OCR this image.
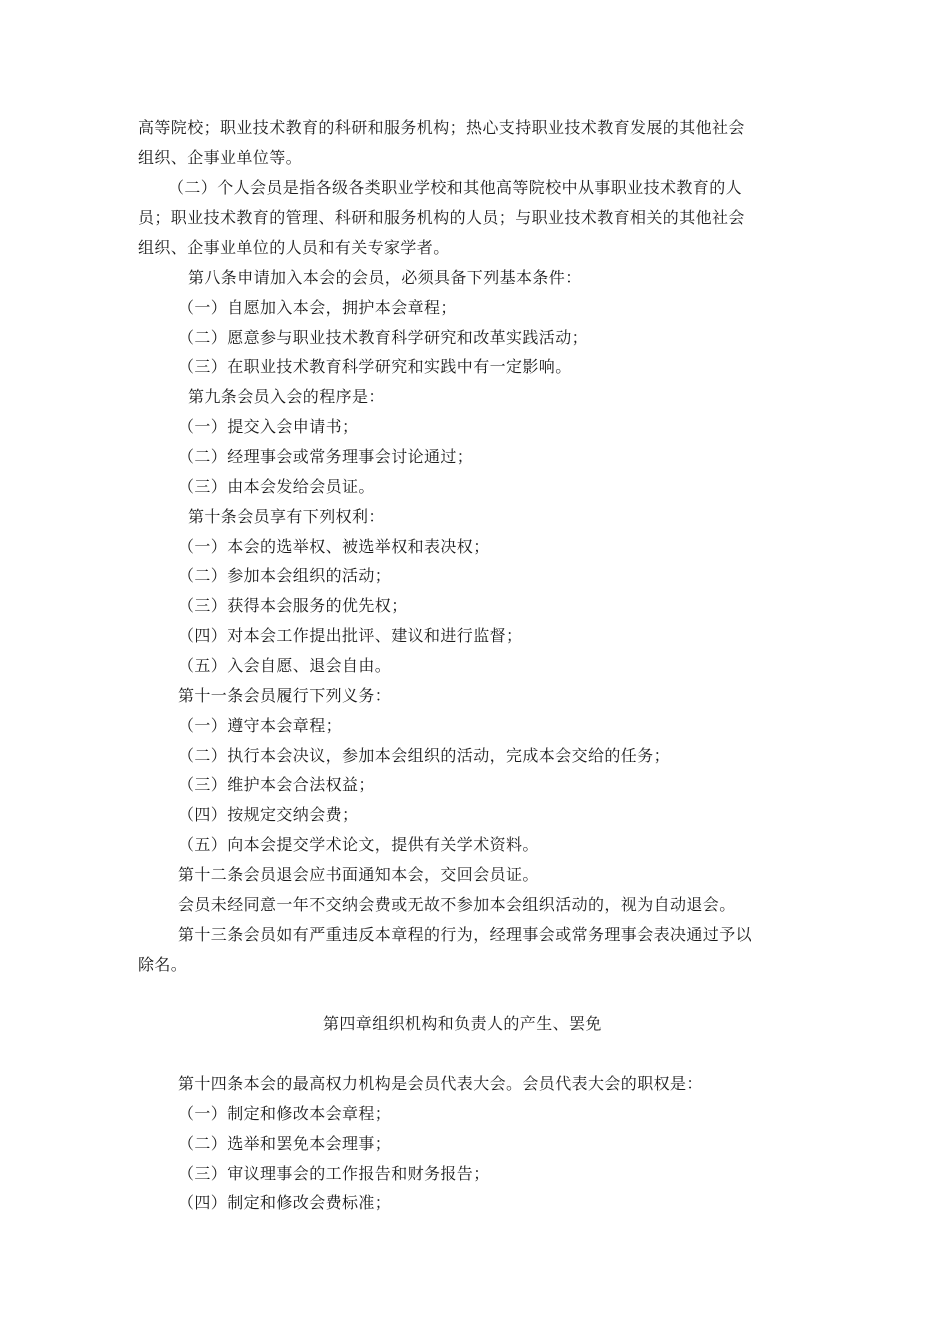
高等院校；职业技术教育的科研和服务机构；热心支持职业技术教育发展的其他社会
组织、企事业单位等。
（二）个人会员是指各级各类职业学校和其他高等院校中从事职业技术教育的人
员；职业技术教育的管理、科研和服务机构的人员；与职业技术教育相关的其他社会
组织、企事业单位的人员和有关专家学者。
第八条申请加入本会的会员，必须具备下列基本条件：
（一）自愿加入本会，拥护本会章程；
（二）愿意参与职业技术教育科学研究和改革实践活动；
（三）在职业技术教育科学研究和实践中有一定影响。
第九条会员入会的程序是：
（一）提交入会申请书；
（二）经理事会或常务理事会讨论通过；
（三）由本会发给会员证。
第十条会员享有下列权利：
（一）本会的选举权、被选举权和表决权；
（二）参加本会组织的活动；
（三）获得本会服务的优先权；
（四）对本会工作提出批评、建议和进行监督；
（五）入会自愿、退会自由。
第十一条会员履行下列义务：
（一）遵守本会章程；
（二）执行本会决议，参加本会组织的活动，完成本会交给的任务；
（三）维护本会合法权益；
（四）按规定交纳会费；
（五）向本会提交学术论文，提供有关学术资料。
第十二条会员退会应书面通知本会，交回会员证。
会员未经同意一年不交纳会费或无故不参加本会组织活动的，视为自动退会。
第十三条会员如有严重违反本章程的行为，经理事会或常务理事会表决通过予以
除名。
第四章组织机构和负责人的产生、罢免
第十四条本会的最高权力机构是会员代表大会。会员代表大会的职权是：
（一）制定和修改本会章程；
（二）选举和罢免本会理事；
（三）审议理事会的工作报告和财务报告；
（四）制定和修改会费标准；
